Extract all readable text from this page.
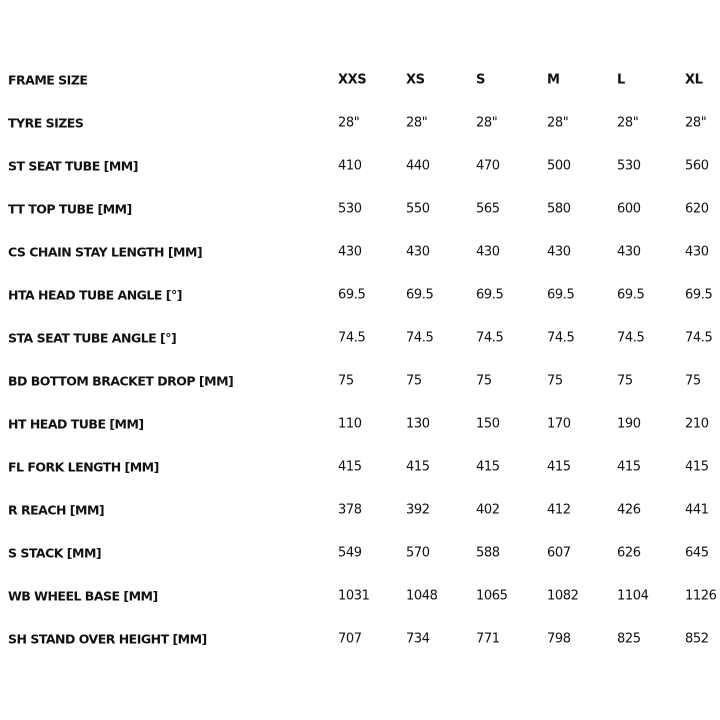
FRAME SIZE	XXS	XS	S	M	L	XL
TYRE SIZES	28"	28"	28"	28"	28"	28"
ST SEAT TUBE [MM]	410	440	470	500	530	560
TT TOP TUBE [MM]	530	550	565	580	600	620
CS CHAIN STAY LENGTH [MM]	430	430	430	430	430	430
HTA HEAD TUBE ANGLE [°]	69.5	69.5	69.5	69.5	69.5	69.5
STA SEAT TUBE ANGLE [°]	74.5	74.5	74.5	74.5	74.5	74.5
BD BOTTOM BRACKET DROP [MM]	75	75	75	75	75	75
HT HEAD TUBE [MM]	110	130	150	170	190	210
FL FORK LENGTH [MM]	415	415	415	415	415	415
R REACH [MM]	378	392	402	412	426	441
S STACK [MM]	549	570	588	607	626	645
WB WHEEL BASE [MM]	1031	1048	1065	1082	1104	1126
SH STAND OVER HEIGHT [MM]	707	734	771	798	825	852
